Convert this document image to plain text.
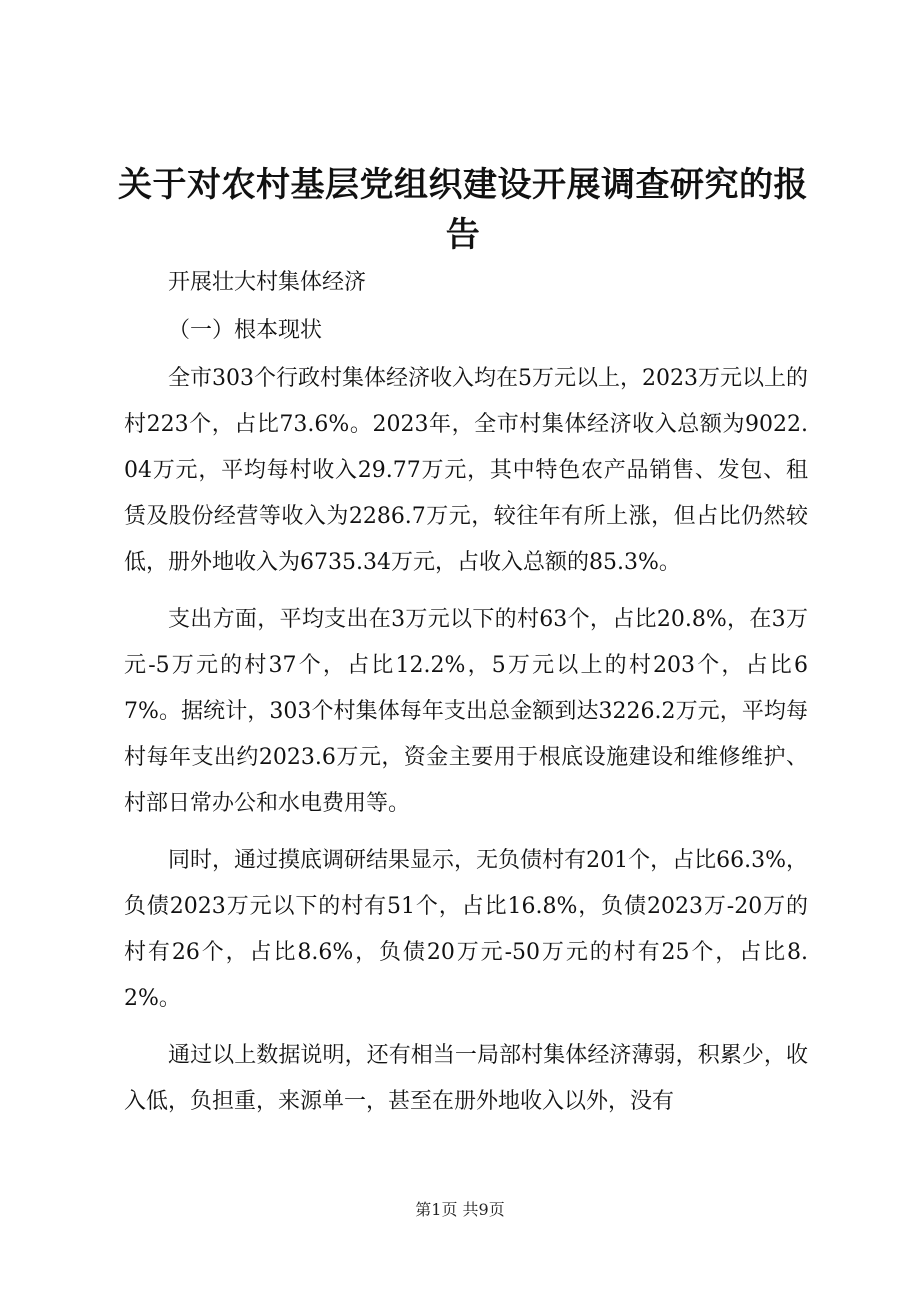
关于对农村基层党组织建设开展调查研究的报告

开展壮大村集体经济

（一）根本现状

全市303个行政村集体经济收入均在5万元以上，2023万元以上的村223个，占比73.6%。2023年，全市村集体经济收入总额为9022.04万元，平均每村收入29.77万元，其中特色农产品销售、发包、租赁及股份经营等收入为2286.7万元，较往年有所上涨，但占比仍然较低，册外地收入为6735.34万元，占收入总额的85.3%。

支出方面，平均支出在3万元以下的村63个，占比20.8%，在3万元-5万元的村37个，占比12.2%，5万元以上的村203个，占比67%。据统计，303个村集体每年支出总金额到达3226.2万元，平均每村每年支出约2023.6万元，资金主要用于根底设施建设和维修维护、村部日常办公和水电费用等。

同时，通过摸底调研结果显示，无负债村有201个，占比66.3%，负债2023万元以下的村有51个，占比16.8%，负债2023万-20万的村有26个，占比8.6%，负债20万元-50万元的村有25个，占比8.2%。

通过以上数据说明，还有相当一局部村集体经济薄弱，积累少，收入低，负担重，来源单一，甚至在册外地收入以外，没有

第1页 共9页
